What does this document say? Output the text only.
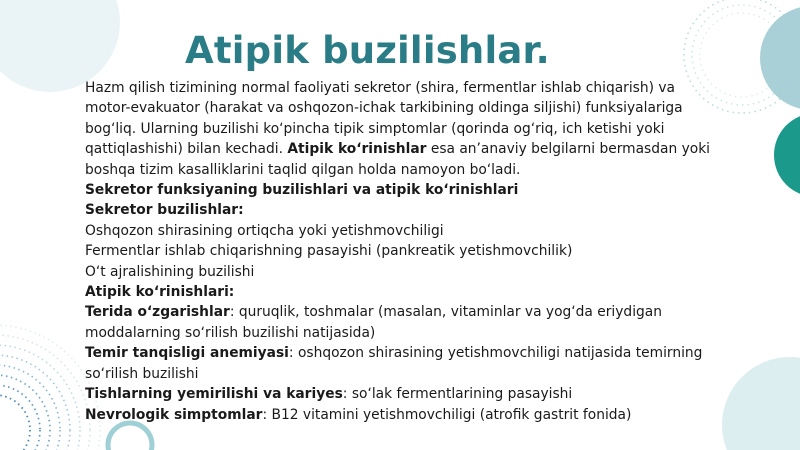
Atipik buzilishlar.
Hazm qilish tizimining normal faoliyati sekretor (shira, fermentlar ishlab chiqarish) va
motor-evakuator (harakat va oshqozon-ichak tarkibining oldinga siljishi) funksiyalariga
bog‘liq. Ularning buzilishi ko‘pincha tipik simptomlar (qorinda og‘riq, ich ketishi yoki
qattiqlashishi) bilan kechadi. Atipik ko‘rinishlar esa an’anaviy belgilarni bermasdan yoki
boshqa tizim kasalliklarini taqlid qilgan holda namoyon bo‘ladi.
Sekretor funksiyaning buzilishlari va atipik ko‘rinishlari
Sekretor buzilishlar:
Oshqozon shirasining ortiqcha yoki yetishmovchiligi
Fermentlar ishlab chiqarishning pasayishi (pankreatik yetishmovchilik)
O‘t ajralishining buzilishi
Atipik ko‘rinishlari:
Terida o‘zgarishlar: quruqlik, toshmalar (masalan, vitaminlar va yog‘da eriydigan
moddalarning so‘rilish buzilishi natijasida)
Temir tanqisligi anemiyasi: oshqozon shirasining yetishmovchiligi natijasida temirning
so‘rilish buzilishi
Tishlarning yemirilishi va kariyes: so‘lak fermentlarining pasayishi
Nevrologik simptomlar: B12 vitamini yetishmovchiligi (atrofik gastrit fonida)
